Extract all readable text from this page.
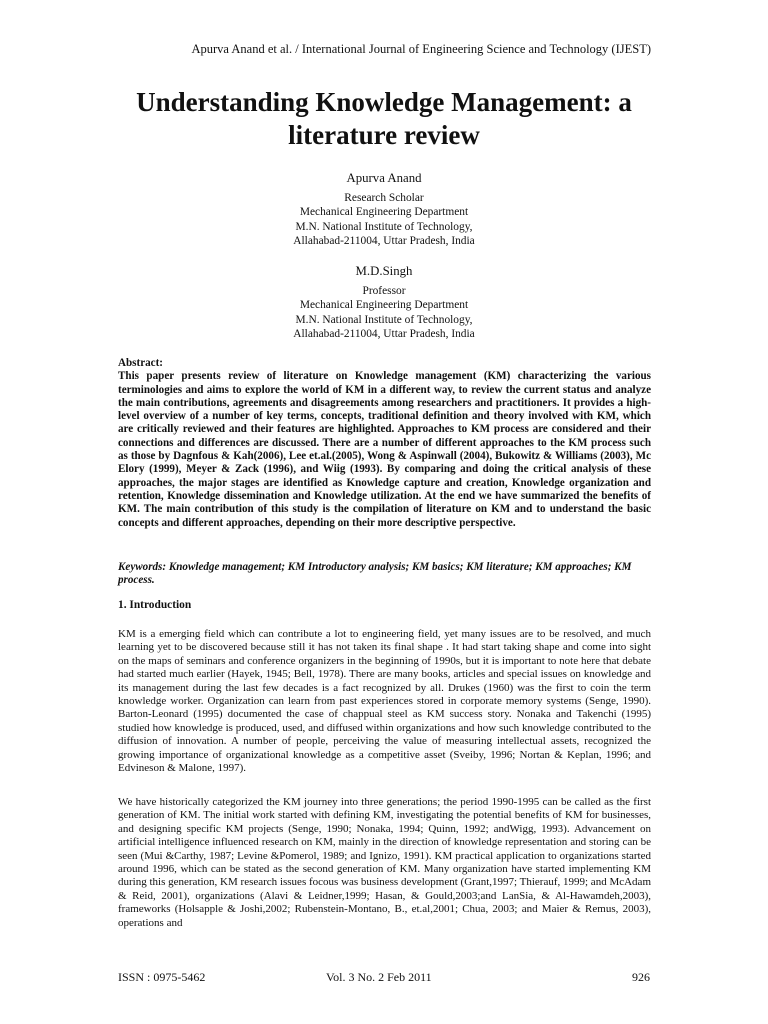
Apurva Anand et al. / International Journal of Engineering Science and Technology (IJEST)
Understanding Knowledge Management: a
literature review
Apurva Anand
Research Scholar
Mechanical Engineering Department
M.N. National Institute of Technology,
Allahabad-211004, Uttar Pradesh, India
M.D.Singh
Professor
Mechanical Engineering Department
M.N. National Institute of Technology,
Allahabad-211004, Uttar Pradesh, India
Abstract:
This paper presents review of literature on Knowledge management (KM) characterizing the various terminologies and aims to explore the world of KM in a different way, to review the current status and analyze the main contributions, agreements and disagreements among researchers and practitioners. It provides a high-level overview of a number of key terms, concepts, traditional definition and theory involved with KM, which are critically reviewed and their features are highlighted. Approaches to KM process are considered and their connections and differences are discussed. There are a number of different approaches to the KM process such as those by Dagnfous & Kah(2006), Lee et.al.(2005), Wong & Aspinwall (2004), Bukowitz & Williams (2003), Mc Elory (1999), Meyer & Zack (1996), and Wiig (1993). By comparing and doing the critical analysis of these approaches, the major stages are identified as Knowledge capture and creation, Knowledge organization and retention, Knowledge dissemination and Knowledge utilization. At the end we have summarized the benefits of KM. The main contribution of this study is the compilation of literature on KM and to understand the basic concepts and different approaches, depending on their more descriptive perspective.
Keywords: Knowledge management; KM Introductory analysis; KM basics; KM literature; KM approaches; KM process.
1. Introduction
KM is a emerging field which can contribute a lot to engineering field, yet many issues are to be resolved, and much learning yet to be discovered because still it has not taken its final shape . It had start taking shape and come into sight on the maps of seminars and conference organizers in the beginning of 1990s, but it is important to note here that debate had started much earlier (Hayek, 1945; Bell, 1978). There are many books, articles and special issues on knowledge and its management during the last few decades is a fact recognized by all. Drukes (1960) was the first to coin the term knowledge worker. Organization can learn from past experiences stored in corporate memory systems (Senge, 1990). Barton-Leonard (1995) documented the case of chappual steel as KM success story. Nonaka and Takenchi (1995) studied how knowledge is produced, used, and diffused within organizations and how such knowledge contributed to the diffusion of innovation. A number of people, perceiving the value of measuring intellectual assets, recognized the growing importance of organizational knowledge as a competitive asset (Sveiby, 1996; Nortan & Keplan, 1996; and Edvineson & Malone, 1997).
We have historically categorized the KM journey into three generations; the period 1990-1995 can be called as the first generation of KM. The initial work started with defining KM, investigating the potential benefits of KM for businesses, and designing specific KM projects (Senge, 1990; Nonaka, 1994; Quinn, 1992; andWigg, 1993). Advancement on artificial intelligence influenced research on KM, mainly in the direction of knowledge representation and storing can be seen (Mui &Carthy, 1987; Levine &Pomerol, 1989; and Ignizo, 1991). KM practical application to organizations started around 1996, which can be stated as the second generation of KM. Many organization have started implementing KM during this generation, KM research issues focous was business development (Grant,1997; Thierauf, 1999; and McAdam & Reid, 2001), organizations (Alavi & Leidner,1999; Hasan, & Gould,2003;and LanSia, & Al-Hawamdeh,2003), frameworks (Holsapple & Joshi,2002; Rubenstein-Montano, B., et.al,2001; Chua, 2003; and Maier & Remus, 2003), operations and
ISSN : 0975-5462	Vol. 3 No. 2 Feb 2011	926
